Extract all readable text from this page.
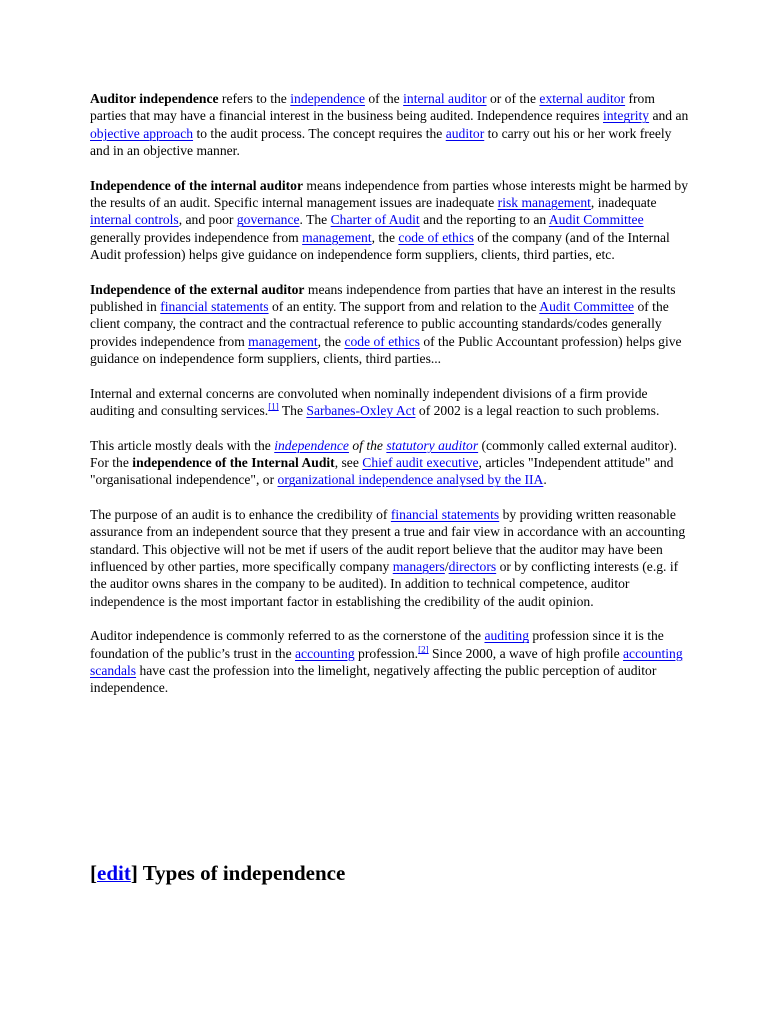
Auditor independence refers to the independence of the internal auditor or of the external auditor from parties that may have a financial interest in the business being audited. Independence requires integrity and an objective approach to the audit process. The concept requires the auditor to carry out his or her work freely and in an objective manner.

Independence of the internal auditor means independence from parties whose interests might be harmed by the results of an audit. Specific internal management issues are inadequate risk management, inadequate internal controls, and poor governance. The Charter of Audit and the reporting to an Audit Committee generally provides independence from management, the code of ethics of the company (and of the Internal Audit profession) helps give guidance on independence form suppliers, clients, third parties, etc.

Independence of the external auditor means independence from parties that have an interest in the results published in financial statements of an entity. The support from and relation to the Audit Committee of the client company, the contract and the contractual reference to public accounting standards/codes generally provides independence from management, the code of ethics of the Public Accountant profession) helps give guidance on independence form suppliers, clients, third parties...

Internal and external concerns are convoluted when nominally independent divisions of a firm provide auditing and consulting services.[1] The Sarbanes-Oxley Act of 2002 is a legal reaction to such problems.

This article mostly deals with the independence of the statutory auditor (commonly called external auditor). For the independence of the Internal Audit, see Chief audit executive, articles "Independent attitude" and "organisational independence", or organizational independence analysed by the IIA.

The purpose of an audit is to enhance the credibility of financial statements by providing written reasonable assurance from an independent source that they present a true and fair view in accordance with an accounting standard. This objective will not be met if users of the audit report believe that the auditor may have been influenced by other parties, more specifically company managers/directors or by conflicting interests (e.g. if the auditor owns shares in the company to be audited). In addition to technical competence, auditor independence is the most important factor in establishing the credibility of the audit opinion.

Auditor independence is commonly referred to as the cornerstone of the auditing profession since it is the foundation of the public’s trust in the accounting profession.[2] Since 2000, a wave of high profile accounting scandals have cast the profession into the limelight, negatively affecting the public perception of auditor independence.

[edit] Types of independence
